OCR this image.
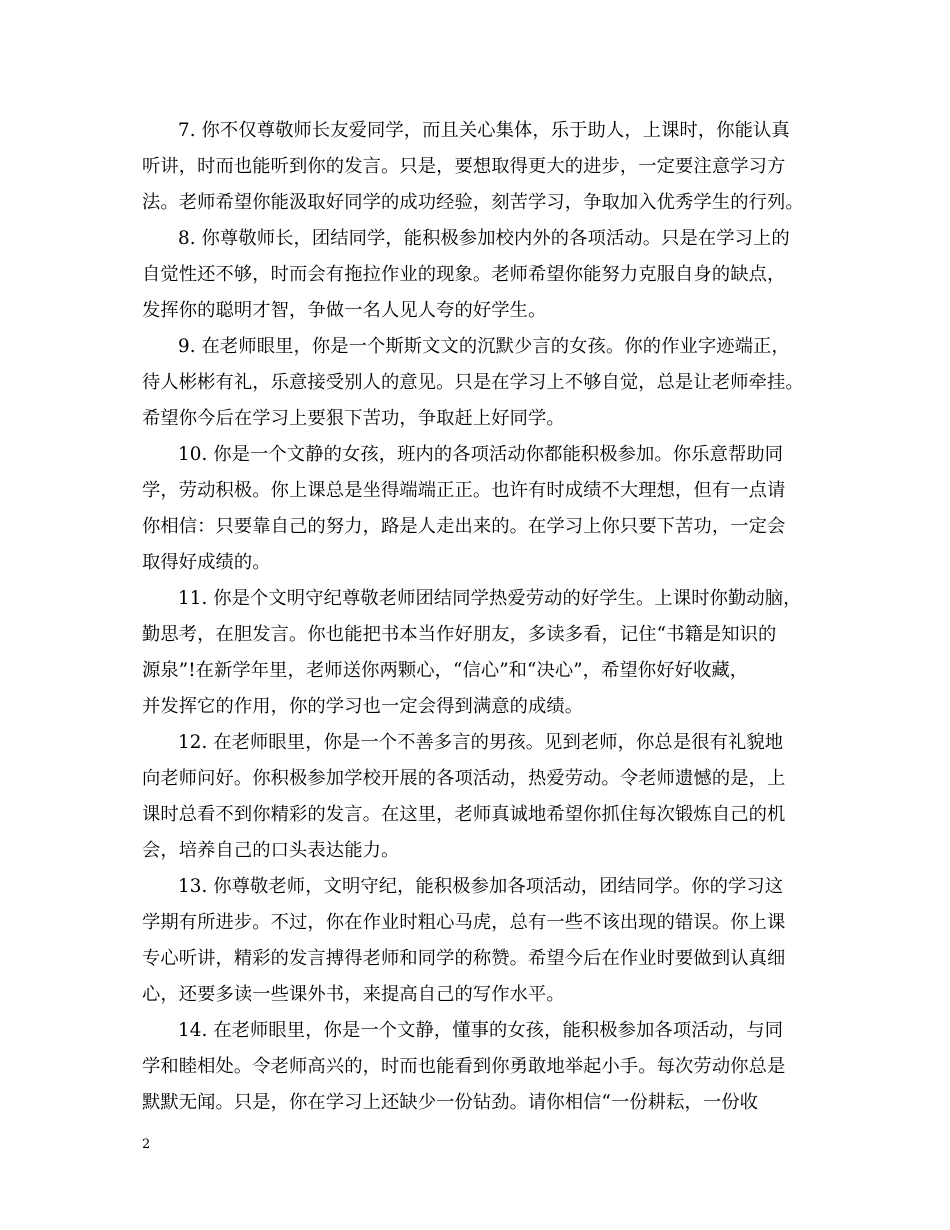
7. 你不仅尊敬师长友爱同学，而且关心集体，乐于助人，上课时，你能认真
听讲，时而也能听到你的发言。只是，要想取得更大的进步，一定要注意学习方
法。老师希望你能汲取好同学的成功经验，刻苦学习，争取加入优秀学生的行列。
8. 你尊敬师长，团结同学，能积极参加校内外的各项活动。只是在学习上的
自觉性还不够，时而会有拖拉作业的现象。老师希望你能努力克服自身的缺点，
发挥你的聪明才智，争做一名人见人夸的好学生。
9. 在老师眼里，你是一个斯斯文文的沉默少言的女孩。你的作业字迹端正，
待人彬彬有礼，乐意接受别人的意见。只是在学习上不够自觉，总是让老师牵挂。
希望你今后在学习上要狠下苦功，争取赶上好同学。
10. 你是一个文静的女孩，班内的各项活动你都能积极参加。你乐意帮助同
学，劳动积极。你上课总是坐得端端正正。也许有时成绩不大理想，但有一点请
你相信：只要靠自己的努力，路是人走出来的。在学习上你只要下苦功，一定会
取得好成绩的。
11. 你是个文明守纪尊敬老师团结同学热爱劳动的好学生。上课时你勤动脑，
勤思考，在胆发言。你也能把书本当作好朋友，多读多看，记住“书籍是知识的
源泉”!在新学年里，老师送你两颗心，“信心”和“决心”，希望你好好收藏，
并发挥它的作用，你的学习也一定会得到满意的成绩。
12. 在老师眼里，你是一个不善多言的男孩。见到老师，你总是很有礼貌地
向老师问好。你积极参加学校开展的各项活动，热爱劳动。令老师遗憾的是，上
课时总看不到你精彩的发言。在这里，老师真诚地希望你抓住每次锻炼自己的机
会，培养自己的口头表达能力。
13. 你尊敬老师，文明守纪，能积极参加各项活动，团结同学。你的学习这
学期有所进步。不过，你在作业时粗心马虎，总有一些不该出现的错误。你上课
专心听讲，精彩的发言搏得老师和同学的称赞。希望今后在作业时要做到认真细
心，还要多读一些课外书，来提高自己的写作水平。
14. 在老师眼里，你是一个文静，懂事的女孩，能积极参加各项活动，与同
学和睦相处。令老师高兴的，时而也能看到你勇敢地举起小手。每次劳动你总是
默默无闻。只是，你在学习上还缺少一份钻劲。请你相信“一份耕耘，一份收
2
